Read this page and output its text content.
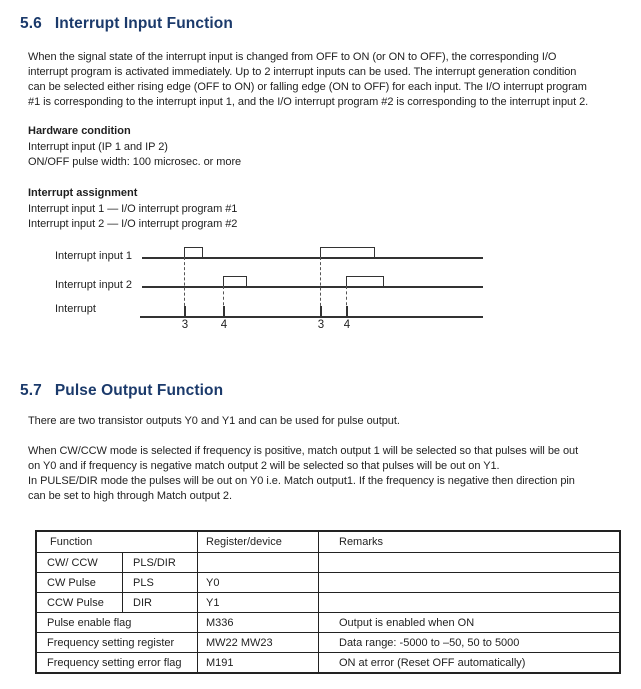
5.6 Interrupt Input Function
When the signal state of the interrupt input is changed from OFF to ON (or ON to OFF), the corresponding I/O
interrupt program is activated immediately. Up to 2 interrupt inputs can be used. The interrupt generation condition
can be selected either rising edge (OFF to ON) or falling edge (ON to OFF) for each input. The I/O interrupt program
#1 is corresponding to the interrupt input 1, and the I/O interrupt program #2 is corresponding to the interrupt input 2.
Hardware condition
Interrupt input (IP 1 and IP 2)
ON/OFF pulse width: 100 microsec. or more
Interrupt assignment
Interrupt input 1 — I/O interrupt program #1
Interrupt input 2 — I/O interrupt program #2
Interrupt input 1
Interrupt input 2
Interrupt
3	4	3 4
5.7 Pulse Output Function
There are two transistor outputs Y0 and Y1 and can be used for pulse output.
When CW/CCW mode is selected if frequency is positive, match output 1 will be selected so that pulses will be out
on Y0 and if frequency is negative match output 2 will be selected so that pulses will be out on Y1.
In PULSE/DIR mode the pulses will be out on Y0 i.e. Match output1. If the frequency is negative then direction pin
can be set to high through Match output 2.
Function		Register/device	Remarks
CW/ CCW	PLS/DIR		
CW Pulse	PLS	Y0	
CCW Pulse	DIR	Y1	
Pulse enable flag		M336	Output is enabled when ON
Frequency setting register		MW22 MW23	Data range: -5000 to –50, 50 to 5000
Frequency setting error flag		M191	ON at error (Reset OFF automatically)
